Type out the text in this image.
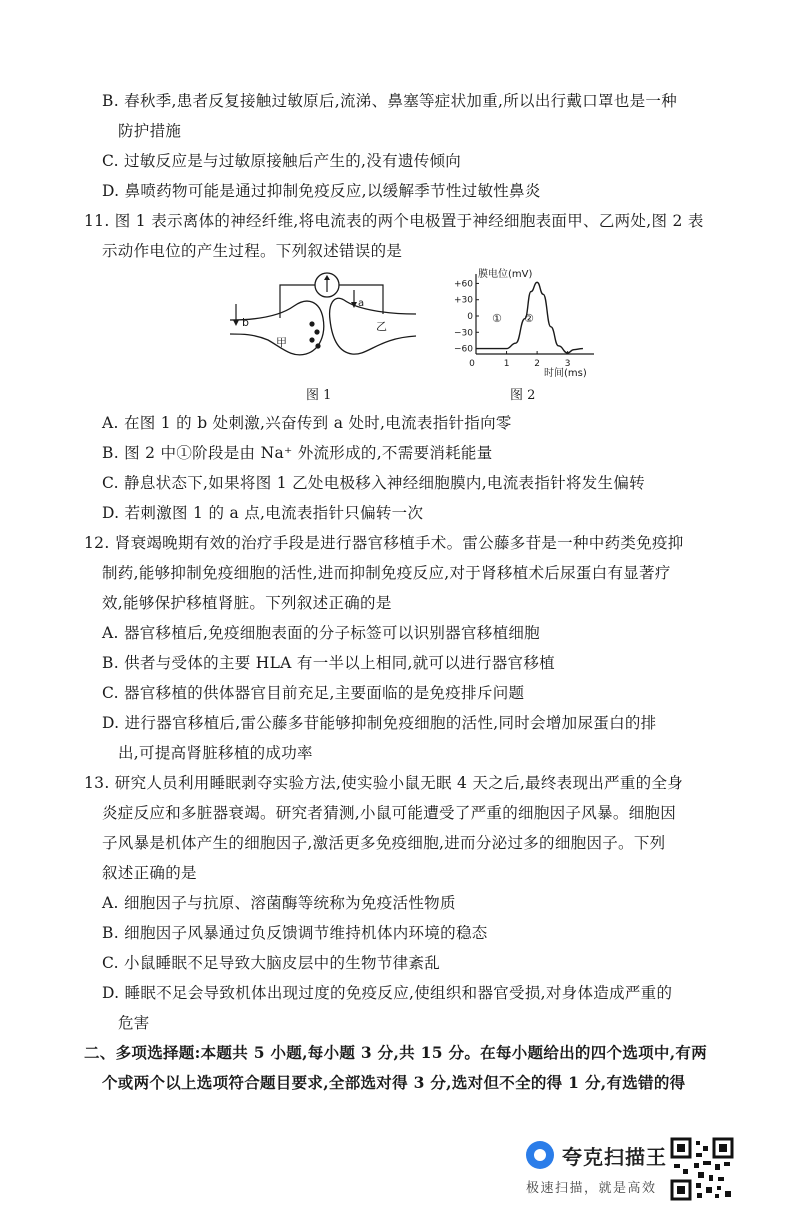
B. 春秋季,患者反复接触过敏原后,流涕、鼻塞等症状加重,所以出行戴口罩也是一种
防护措施
C. 过敏反应是与过敏原接触后产生的,没有遗传倾向
D. 鼻喷药物可能是通过抑制免疫反应,以缓解季节性过敏性鼻炎
11. 图 1 表示离体的神经纤维,将电流表的两个电极置于神经细胞表面甲、乙两处,图 2 表
示动作电位的产生过程。下列叙述错误的是
b
a
甲
乙
图 1
+60
+30
0
−30
−60
0	1	2	3
膜电位(mV)
时间(ms)
① ②
图 2
A. 在图 1 的 b 处刺激,兴奋传到 a 处时,电流表指针指向零
B. 图 2 中①阶段是由 Na⁺ 外流形成的,不需要消耗能量
C. 静息状态下,如果将图 1 乙处电极移入神经细胞膜内,电流表指针将发生偏转
D. 若刺激图 1 的 a 点,电流表指针只偏转一次
12. 肾衰竭晚期有效的治疗手段是进行器官移植手术。雷公藤多苷是一种中药类免疫抑
制药,能够抑制免疫细胞的活性,进而抑制免疫反应,对于肾移植术后尿蛋白有显著疗
效,能够保护移植肾脏。下列叙述正确的是
A. 器官移植后,免疫细胞表面的分子标签可以识别器官移植细胞
B. 供者与受体的主要 HLA 有一半以上相同,就可以进行器官移植
C. 器官移植的供体器官目前充足,主要面临的是免疫排斥问题
D. 进行器官移植后,雷公藤多苷能够抑制免疫细胞的活性,同时会增加尿蛋白的排
出,可提高肾脏移植的成功率
13. 研究人员利用睡眠剥夺实验方法,使实验小鼠无眠 4 天之后,最终表现出严重的全身
炎症反应和多脏器衰竭。研究者猜测,小鼠可能遭受了严重的细胞因子风暴。细胞因
子风暴是机体产生的细胞因子,激活更多免疫细胞,进而分泌过多的细胞因子。下列
叙述正确的是
A. 细胞因子与抗原、溶菌酶等统称为免疫活性物质
B. 细胞因子风暴通过负反馈调节维持机体内环境的稳态
C. 小鼠睡眠不足导致大脑皮层中的生物节律紊乱
D. 睡眠不足会导致机体出现过度的免疫反应,使组织和器官受损,对身体造成严重的
危害
二、多项选择题:本题共 5 小题,每小题 3 分,共 15 分。在每小题给出的四个选项中,有两
个或两个以上选项符合题目要求,全部选对得 3 分,选对但不全的得 1 分,有选错的得
夸克扫描王
极速扫描，就是高效
